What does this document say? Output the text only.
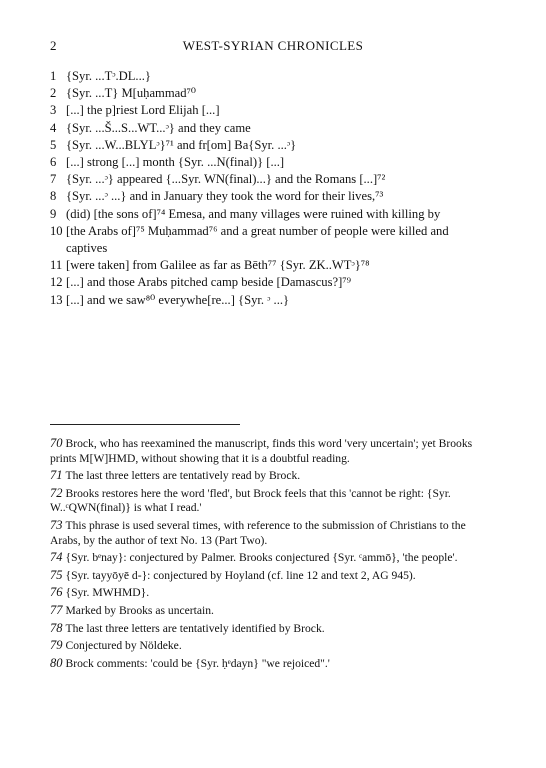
2	WEST-SYRIAN CHRONICLES
1 {Syr. ...Tᵓ.DL...}
2 {Syr. ...T} M[uḥammad⁷⁰
3 [...] the p]riest Lord Elijah [...]
4 {Syr. ...Š...S...WT...ᵓ} and they came
5 {Syr. ...W...BLYLᵓ}⁷¹ and fr[om] Ba{Syr. ...ᵓ}
6 [...] strong [...] month {Syr. ...N(final)} [...]
7 {Syr. ...ᵓ} appeared {...Syr. WN(final)...} and the Romans [...]⁷²
8 {Syr. ...ᵓ ...} and in January they took the word for their lives,⁷³
9 (did) [the sons of]⁷⁴ Emesa, and many villages were ruined with killing by
10 [the Arabs of]⁷⁵ Muḥammad⁷⁶ and a great number of people were killed and captives
11 [were taken] from Galilee as far as Bēth⁷⁷ {Syr. ZK..WTᵓ}⁷⁸
12 [...] and those Arabs pitched camp beside [Damascus?]⁷⁹
13 [...] and we saw⁸⁰ everywhe[re...] {Syr. ᵓ ...}
70 Brock, who has reexamined the manuscript, finds this word 'very uncertain'; yet Brooks prints M[W]HMD, without showing that it is a doubtful reading.
71 The last three letters are tentatively read by Brock.
72 Brooks restores here the word 'fled', but Brock feels that this 'cannot be right: {Syr. W..ᶜQWN(final)} is what I read.'
73 This phrase is used several times, with reference to the submission of Christians to the Arabs, by the author of text No. 13 (Part Two).
74 {Syr. bᵉnay}: conjectured by Palmer. Brooks conjectured {Syr. ᶜammō}, 'the people'.
75 {Syr. tayyōyē d-}: conjectured by Hoyland (cf. line 12 and text 2, AG 945).
76 {Syr. MWHMD}.
77 Marked by Brooks as uncertain.
78 The last three letters are tentatively identified by Brock.
79 Conjectured by Nöldeke.
80 Brock comments: 'could be {Syr. ḥᵉdayn} "we rejoiced".'
